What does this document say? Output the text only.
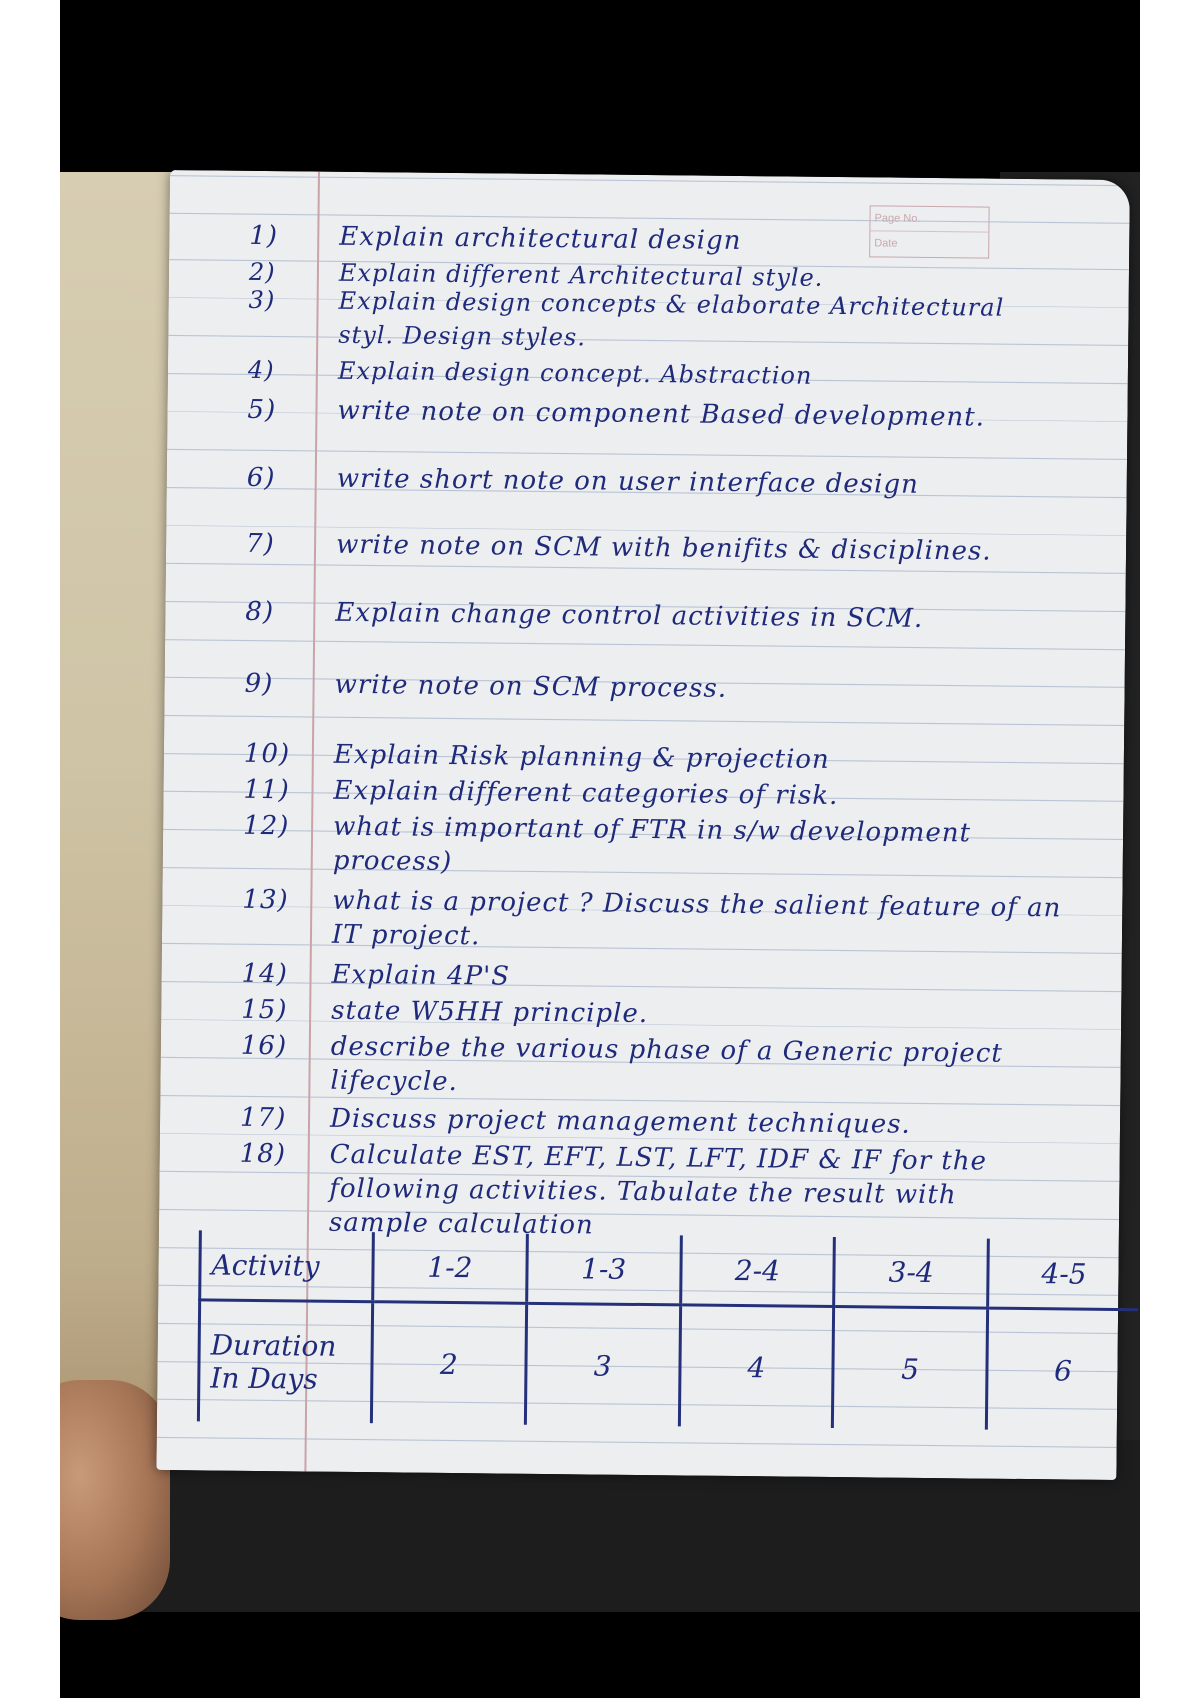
Page No.
Date
1)	Explain architectural design
2)	Explain different Architectural style.
3)	Explain design concepts & elaborate Architectural styl. Design styles.
4)	Explain design concept. Abstraction
5)	write note on component Based development.
6)	write short note on user interface design
7)	write note on SCM with benifits & disciplines.
8)	Explain change control activities in SCM.
9)	write note on SCM process.
10)	Explain Risk planning & projection
11)	Explain different categories of risk.
12)	what is important of FTR in s/w development process)
13)	what is a project ? Discuss the salient feature of an IT project.
14)	Explain 4P'S
15)	state W5HH principle.
16)	describe the various phase of a Generic project lifecycle.
17)	Discuss project management techniques.
18)	Calculate EST, EFT, LST, LFT, IDF & IF for the following activities. Tabulate the result with sample calculation
Activity	1-2	1-3	2-4	3-4	4-5
Duration In Days	2	3	4	5	6
